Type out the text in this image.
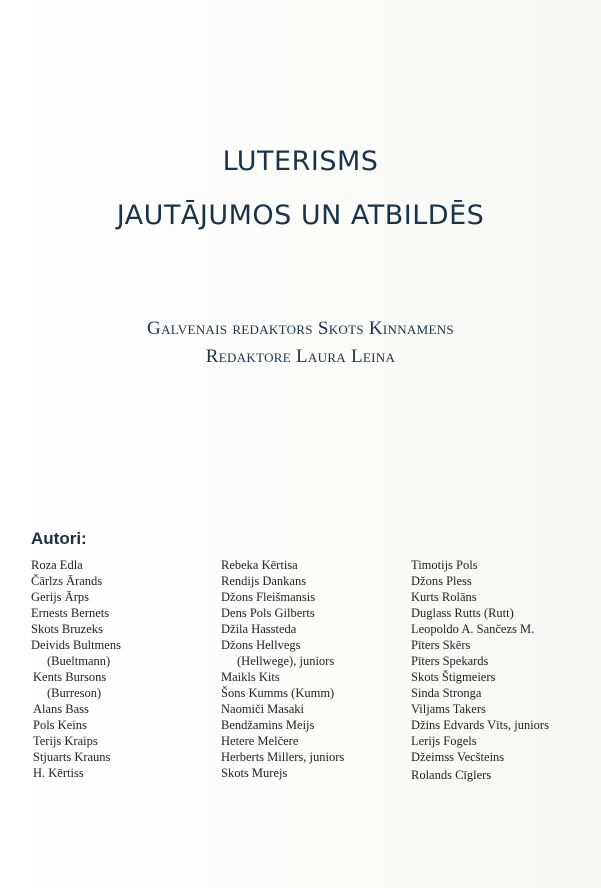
LUTERISMS
JAUTĀJUMOS UN ATBILDĒS
Galvenais redaktors Skots Kinnamens
Redaktore Laura Leina
Autori:
Roza Edla
Čārlzs Ārands
Gerijs Ārps
Ernests Bernets
Skots Bruzeks
Deivids Bultmens
(Bueltmann)
Kents Bursons
(Burreson)
Alans Bass
Pols Keins
Terijs Kraips
Stjuarts Krauns
H. Kērtiss
Rebeka Kērtisa
Rendijs Dankans
Džons Fleišmansis
Dens Pols Gilberts
Džila Hassteda
Džons Hellvegs
(Hellwege), juniors
Maikls Kits
Šons Kumms (Kumm)
Naomiči Masaki
Bendžamins Meijs
Hetere Melčere
Herberts Millers, juniors
Skots Murejs
Timotijs Pols
Džons Pless
Kurts Rolāns
Duglass Rutts (Rutt)
Leopoldo A. Sančezs M.
Pīters Skērs
Pīters Spekards
Skots Štigmeiers
Sinda Stronga
Viljams Takers
Džins Edvards Vīts, juniors
Lerijs Fogels
Džeimss Vecšteins
Rolands Cīglers
